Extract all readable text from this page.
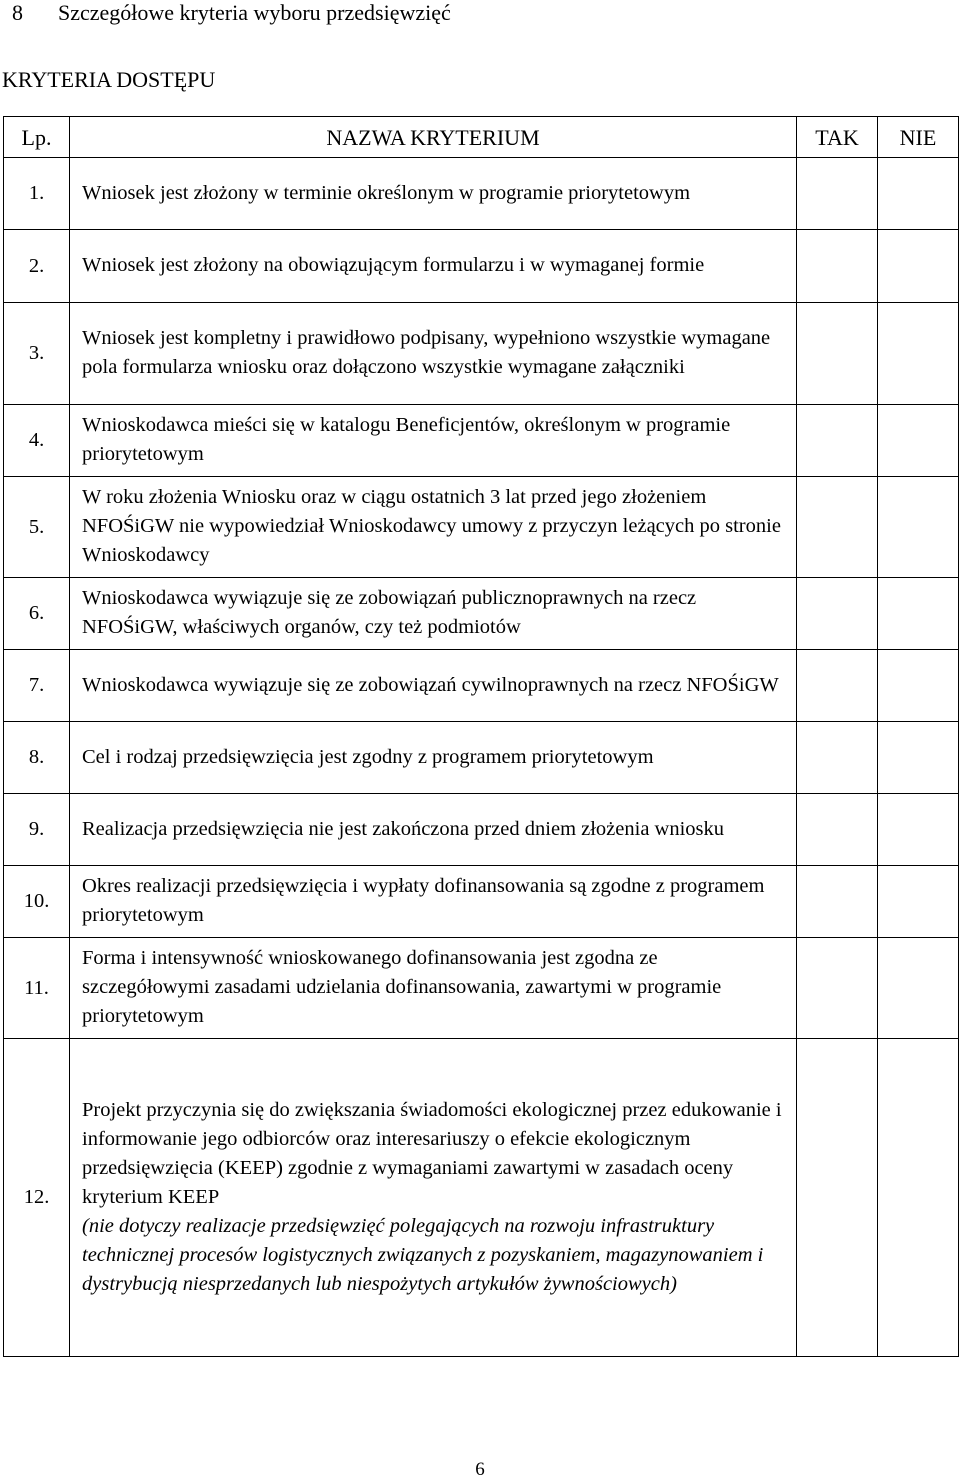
8 Szczegółowe kryteria wyboru przedsięwzięć
KRYTERIA DOSTĘPU
Lp.	NAZWA KRYTERIUM	TAK	NIE
1.	Wniosek jest złożony w terminie określonym w programie priorytetowym		
2.	Wniosek jest złożony na obowiązującym formularzu i w wymaganej formie		
3.	Wniosek jest kompletny i prawidłowo podpisany, wypełniono wszystkie wymagane pola formularza wniosku oraz dołączono wszystkie wymagane załączniki		
4.	Wnioskodawca mieści się w katalogu Beneficjentów, określonym w programie priorytetowym		
5.	W roku złożenia Wniosku oraz w ciągu ostatnich 3 lat przed jego złożeniem NFOŚiGW nie wypowiedział Wnioskodawcy umowy z przyczyn leżących po stronie Wnioskodawcy		
6.	Wnioskodawca wywiązuje się ze zobowiązań publicznoprawnych na rzecz NFOŚiGW, właściwych organów, czy też podmiotów		
7.	Wnioskodawca wywiązuje się ze zobowiązań cywilnoprawnych na rzecz NFOŚiGW		
8.	Cel i rodzaj przedsięwzięcia jest zgodny z programem priorytetowym		
9.	Realizacja przedsięwzięcia nie jest zakończona przed dniem złożenia wniosku		
10.	Okres realizacji przedsięwzięcia i wypłaty dofinansowania są zgodne z programem priorytetowym		
11.	Forma i intensywność wnioskowanego dofinansowania jest zgodna ze szczegółowymi zasadami udzielania dofinansowania, zawartymi w programie priorytetowym		
12.	Projekt przyczynia się do zwiększania świadomości ekologicznej przez edukowanie i informowanie jego odbiorców oraz interesariuszy o efekcie ekologicznym przedsięwzięcia (KEEP) zgodnie z wymaganiami zawartymi w zasadach oceny kryterium KEEP
(nie dotyczy realizacje przedsięwzięć polegających na rozwoju infrastruktury technicznej procesów logistycznych związanych z pozyskaniem, magazynowaniem i dystrybucją niesprzedanych lub niespożytych artykułów żywnościowych)		

6
